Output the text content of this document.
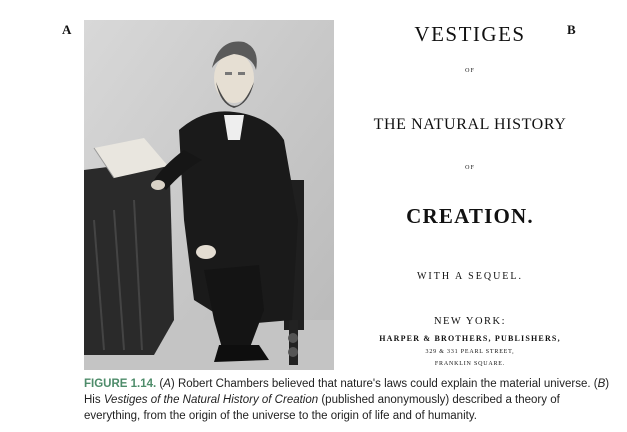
A	B

VESTIGES

OF

THE NATURAL HISTORY

OF

CREATION.

WITH A SEQUEL.

NEW YORK:

HARPER & BROTHERS, PUBLISHERS,

329 & 331 PEARL STREET,

FRANKLIN SQUARE.

FIGURE 1.14. (A) Robert Chambers believed that nature's laws could explain the material universe. (B) His Vestiges of the Natural History of Creation (published anonymously) described a theory of everything, from the origin of the universe to the origin of life and of humanity.
